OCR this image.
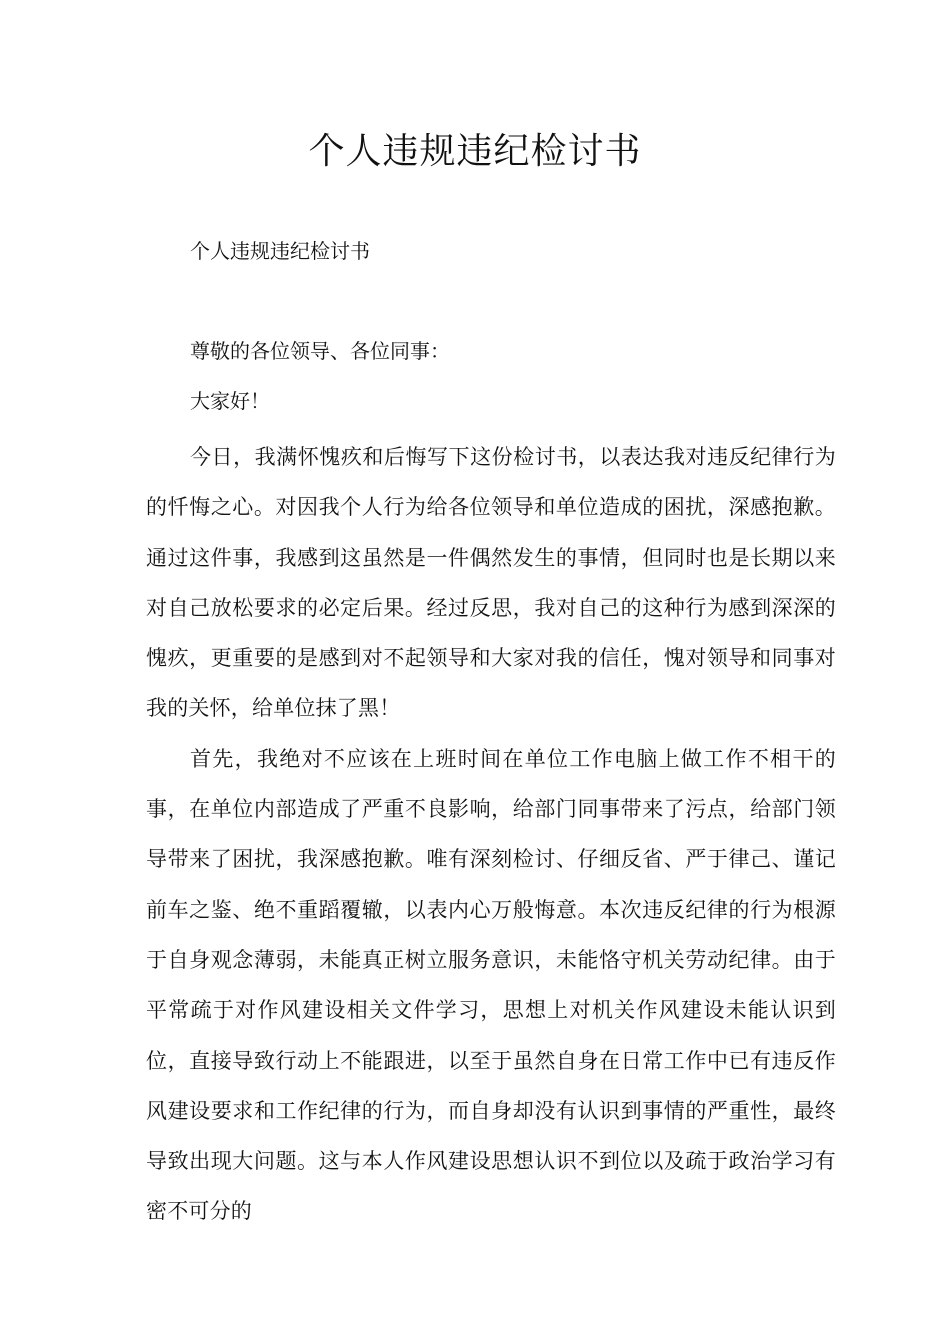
个人违规违纪检讨书

个人违规违纪检讨书

尊敬的各位领导、各位同事：

大家好！

今日，我满怀愧疚和后悔写下这份检讨书，以表达我对违反纪律行为的忏悔之心。对因我个人行为给各位领导和单位造成的困扰，深感抱歉。通过这件事，我感到这虽然是一件偶然发生的事情，但同时也是长期以来对自己放松要求的必定后果。经过反思，我对自己的这种行为感到深深的愧疚，更重要的是感到对不起领导和大家对我的信任，愧对领导和同事对我的关怀，给单位抹了黑！

首先，我绝对不应该在上班时间在单位工作电脑上做工作不相干的事，在单位内部造成了严重不良影响，给部门同事带来了污点，给部门领导带来了困扰，我深感抱歉。唯有深刻检讨、仔细反省、严于律己、谨记前车之鉴、绝不重蹈覆辙，以表内心万般悔意。本次违反纪律的行为根源于自身观念薄弱，未能真正树立服务意识，未能恪守机关劳动纪律。由于平常疏于对作风建设相关文件学习，思想上对机关作风建设未能认识到位，直接导致行动上不能跟进，以至于虽然自身在日常工作中已有违反作风建设要求和工作纪律的行为，而自身却没有认识到事情的严重性，最终导致出现大问题。这与本人作风建设思想认识不到位以及疏于政治学习有密不可分的
